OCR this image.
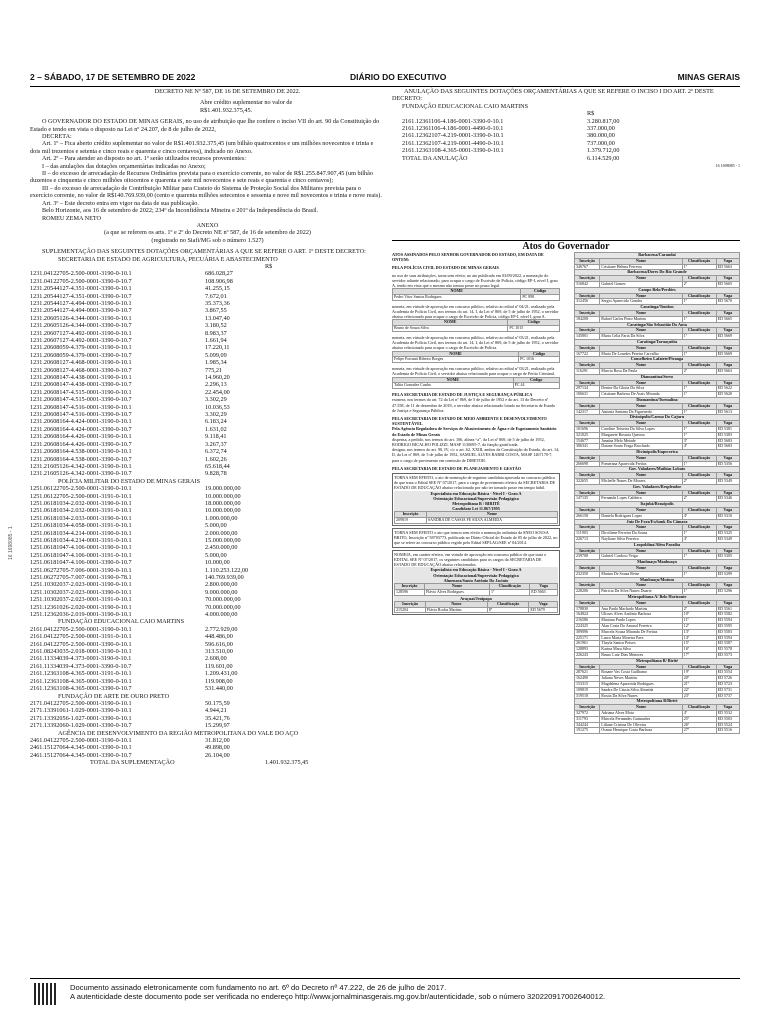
2 – SÁBADO, 17 DE SETEMBRO DE 2022	DIÁRIO DO EXECUTIVO	MINAS GERAIS

DECRETO NE Nº 587, DE 16 DE SETEMBRO DE 2022.

Abre crédito suplementar no valor de R$1.401.932.375,45.

O GOVERNADOR DO ESTADO DE MINAS GERAIS, no uso de atribuição que lhe confere o inciso VII do art. 90 da Constituição do Estado e tendo em vista o disposto na Lei nº 24.207, de 8 de julho de 2022,

DECRETA:

Art. 1º – Fica aberto crédito suplementar no valor de R$1.401.932.375,45 (um bilhão quatrocentos e um milhões novecentos e trinta e dois mil trezentos e setenta e cinco reais e quarenta e cinco centavos), indicado no Anexo.

Art. 2º – Para atender ao disposto no art. 1º serão utilizados recursos provenientes:

I – das anulações das dotações orçamentárias indicadas no Anexo;

II – do excesso de arrecadação de Recursos Ordinários prevista para o exercício corrente, no valor de R$1.255.847.907,45 (um bilhão duzentos e cinquenta e cinco milhões oitocentos e quarenta e sete mil novecentos e sete reais e quarenta e cinco centavos);

III – do excesso de arrecadação de Contribuição Militar para Custeio do Sistema de Proteção Social dos Militares prevista para o exercício corrente, no valor de R$140.769.939,00 (cento e quarenta milhões setecentos e sessenta e nove mil novecentos e trinta e nove reais).

Art. 3º – Este decreto entra em vigor na data de sua publicação.

Belo Horizonte, aos 16 de setembro de 2022; 234º da Inconfidência Mineira e 201º da Independência do Brasil.

ROMEU ZEMA NETO

ANEXO

(a que se referem os arts. 1º e 2º do Decreto NE nº 587, de 16 de setembro de 2022)

(registrado no Siafi/MG sob o número 1.527)

SUPLEMENTAÇÃO DAS SEGUINTES DOTAÇÕES ORÇAMENTÁRIAS A QUE SE REFERE O ART. 1º DESTE DECRETO:

SECRETARIA DE ESTADO DE AGRICULTURA, PECUÁRIA E ABASTECIMENTO

R$

1231.04122705-2.500-0001-3190-0-10.1	686.028,27
1231.04122705-2.500-0001-3390-0-10.7	108.906,98
1231.20544127-4.351-0001-3390-0-10.1	41.255,15
1231.20544127-4.351-0001-3390-0-10.7	7.672,01
1231.20544127-4.494-0001-3190-0-10.1	35.373,36
1231.20544127-4.494-0001-3390-0-10.7	3.867,55
1231.20605126-4.344-0001-3190-0-10.1	13.047,40
1231.20605126-4.344-0001-3390-0-10.7	3.180,52
1231.20607127-4.492-0001-3190-0-10.1	8.983,37
1231.20607127-4.492-0001-3390-0-10.7	1.661,94
1231.20608059-4.379-0001-3190-0-10.1	17.220,11
1231.20608059-4.379-0001-3390-0-10.7	5.099,09
1231.20608127-4.468-0001-3190-0-10.1	1.985,34
1231.20608127-4.468-0001-3390-0-10.7	775,21
1231.20608147-4.438-0001-3190-0-10.1	14.960,20
1231.20608147-4.438-0001-3390-0-10.7	2.296,13
1231.20608147-4.515-0001-3190-0-10.1	22.454,00
1231.20608147-4.515-0001-3390-0-10.7	3.302,29
1231.20608147-4.516-0001-3190-0-10.1	10.036,53
1231.20608147-4.516-0001-3390-0-10.7	3.302,29
1231.20608164-4.424-0001-3190-0-10.1	6.183,24
1231.20608164-4.424-0001-3390-0-10.7	1.631,02
1231.20608164-4.426-0001-3190-0-10.1	9.118,41
1231.20608164-4.426-0001-3390-0-10.7	3.267,37
1231.20608164-4.538-0001-3190-0-10.1	6.372,74
1231.20608164-4.538-0001-3390-0-10.7	1.602,26
1231.21605126-4.342-0001-3190-0-10.1	65.618,44
1231.21605126-4.342-0001-3390-0-10.7	9.828,78

POLÍCIA MILITAR DO ESTADO DE MINAS GERAIS

1251.06122705-2.500-0001-3190-0-10.1	19.000.000,00
1251.06122705-2.500-0001-3191-0-10.1	10.000.000,00
1251.06181034-2.032-0001-3190-0-10.1	18.000.000,00
1251.06181034-2.032-0001-3191-0-10.1	10.000.000,00
1251.06181034-2.033-0001-3190-0-10.1	1.000.000,00
1251.06181034-4.058-0001-3191-0-10.1	5.000,00
1251.06181034-4.214-0001-3190-0-10.1	2.000.000,00
1251.06181034-4.214-0001-3191-0-10.1	15.000.000,00
1251.06181047-4.106-0001-3190-0-10.1	2.450.000,00
1251.06181047-4.106-0001-3191-0-10.1	5.000,00
1251.06181047-4.106-0001-3390-0-10.7	10.000,00
1251.06272705-7.006-0001-3190-0-10.1	1.110.253.122,00
1251.06272705-7.007-0001-3190-0-78.1	140.769.939,00
1251.10302037-2.023-0001-3190-0-10.1	2.800.000,00
1251.10302037-2.023-0001-3390-0-10.1	9.000.000,00
1251.10302037-2.023-0001-3191-0-10.1	70.000.000,00
1251.12361026-2.020-0001-3190-0-10.1	70.000.000,00
1251.12362036-2.019-0001-3190-0-10.1	4.000.000,00

FUNDAÇÃO EDUCACIONAL CAIO MARTINS

2161.04122705-2.500-0001-3190-0-10.1	2.772.929,00
2161.04122705-2.500-0001-3191-0-10.1	448.486,00
2161.04122705-2.500-0001-3390-0-10.1	596.616,00
2161.08243035-2.018-0001-3190-0-10.1	313.510,00
2161.11334039-4.373-0001-3190-0-10.1	2.608,00
2161.11334039-4.373-0001-3390-0-10.7	119.601,00
2161.12363108-4.365-0001-3191-0-10.1	1.209.431,00
2161.12363108-4.365-0001-3390-0-10.1	119.908,00
2161.12363108-4.365-0001-3390-0-10.7	531.440,00

FUNDAÇÃO DE ARTE DE OURO PRETO

2171.04122705-2.500-0001-3190-0-10.1	50.175,59
2171.13391061-1.029-0001-3390-0-10.1	4.944,21
2171.13392056-1.027-0001-3390-0-10.1	35.421,76
2171.13392060-1.029-0001-3390-0-10.7	15.299,97

AGÊNCIA DE DESENVOLVIMENTO DA REGIÃO METROPOLITANA DO VALE DO AÇO

2461.04122705-2.500-0001-3190-0-10.1	31.812,00
2461.15127064-4.345-0001-3390-0-10.1	49.898,00
2461.15127064-4.345-0001-3390-0-10.7	26.104,00
TOTAL DA SUPLEMENTAÇÃO	1.401.932.375,45

ANULAÇÃO DAS SEGUINTES DOTAÇÕES ORÇAMENTÁRIAS A QUE SE REFERE O INCISO I DO ART. 2º DESTE DECRETO:

FUNDAÇÃO EDUCACIONAL CAIO MARTINS

R$

2161.12361106-4.186-0001-3390-0-10.1	3.280.817,00
2161.12361106-4.186-0001-4490-0-10.1	337.000,00
2161.12362107-4.219-0001-3390-0-10.1	380.000,00
2161.12362107-4.219-0001-4490-0-10.1	737.000,00
2161.12363108-4.365-0001-3390-0-10.1	1.379.712,00
TOTAL DA ANULAÇÃO	6.114.529,00

16 1698085 - 1

Atos do Governador

ATOS ASSINADOS PELO SENHOR GOVERNADOR DO ESTADO, EM DATA DE ONTEM:

PELA POLÍCIA CIVIL DO ESTADO DE MINAS GERAIS

no uso de suas atribuições, torna sem efeito, no ato publicado em 03/09/2022, a nomeação do servidor adiante relacionado, para ocupar o cargo de Escrivão de Polícia, código EP-I, nível I, grau A, tendo em vista que o mesmo não tomou posse no prazo legal.

NOME	Código
Pedro Vitor Santos Rodrigues	PC 898

nomeia, em virtude de aprovação em concurso público, relativo ao edital nº 04/21, realizado pela Academia de Polícia Civil, nos termos do art. 14, I, da Lei nº 869, de 5 de julho de 1952, o servidor abaixo relacionado para ocupar o cargo de Escrivão de Polícia, código EP-I, nível I, grau A.

NOME	Código
Bruno de Souza Silva	PC 1015

nomeia, em virtude de aprovação em concurso público, relativo ao edital nº 03/21, realizado pela Academia de Polícia Civil, nos termos do art. 14, I, da Lei nº 869, de 5 de julho de 1952, o servidor abaixo relacionado para ocupar o cargo de Escrivão de Polícia.

NOME	Código
Felipe Fortunti Ribeiro Borges	PC 1016

nomeia, em virtude de aprovação em concurso público, relativo ao edital nº 03/21, realizado pela Academia de Polícia Civil, o servidor abaixo relacionado para ocupar o cargo de Perito Criminal.

NOME	Código
Talita Gonzalez Cunha	PC 44

PELA SECRETARIA DE ESTADO DE JUSTIÇA E SEGURANÇA PÚBLICA

exonera, nos termos do art. 72 da Lei nº 869, de 5 de julho de 1952 e do art. 13 do Decreto nº 47.558, de 11 de dezembro de 2018, o servidor abaixo relacionado lotado na Secretaria de Estado de Justiça e Segurança Pública.

PELA SECRETARIA DE ESTADO DE MEIO AMBIENTE E DESENVOLVIMENTO SUSTENTÁVEL

Pela Agência Reguladora de Serviços de Abastecimento de Água e de Esgotamento Sanitário do Estado de Minas Gerais

dispensa, a pedido, nos termos do art. 106, alínea “a”, da Lei nº 869, de 5 de julho de 1952, RODRIGO BICALHO POLIZZI, MASP 1130695-7, da função gratificada.

designa, nos termos do art. 90, IV, c/c o art. 62, XXIII, ambos da Constituição do Estado, do art. 14, II, da Lei nº 869, de 5 de julho de 1952, SAMUEL ALVES BARBI COSTA, MASP 1267170-7, para o cargo de provimento em comissão de DIRETOR.

PELA SECRETARIA DE ESTADO DE PLANEJAMENTO E GESTÃO

TORNA SEM EFEITO, o ato de nomeação de seguinte candidata aprovada no concurso público de que trata o Edital SEE Nº 07/2017, para o cargo de provimento efetivo da SECRETARIA DE ESTADO DE EDUCAÇÃO abaixo relacionado por não ter tomado posse em tempo hábil.

Especialista em Educação Básica - Nível I - Grau A

Orientação Educacional/Supervisão Pedagógica

Metropolitana B / BIRITÉ

Candidato Lei 11.867/1995

Inscrição	Nome
209819	SANDRA DE CASSIA FE SILVA ALMEIDA

TORNA SEM EFEITO o ato que tornou sem efeito a nomeação ordinária da SNEO SOUSA BRITO, Inscrição nº 58703773, publicada no Diário Oficial do Estado de 05 de julho de 2022, no que se refere ao concurso público regido pelo Edital SEPLAG/SEE nº 04/2014.

NOMEIA, em caráter efetivo, em virtude de aprovação em concurso público de que trata o EDITAL SEE Nº 07/2017, os seguintes candidatos para os cargos da SECRETARIA DE ESTADO DE EDUCAÇÃO abaixo relacionados.

Especialista em Educação Básica - Nível I - Grau A

Orientação Educacional/Supervisão Pedagógica

Almenara/Santo Antônio Do Jacinto

Inscrição	Nome	Classificação	Vaga
128596	Flávio Alves Rodrigues	1º	ED 5663

Araçuaí/Jenipapo

Inscrição	Nome	Classificação	Vaga
215204	Flávia Rocha Martins	8º	ED 5679
Barbacena/Carandaí			
Inscrição	Nome	Classificação	Vaga
346767	Cristiane Helena Ferreira	1º	ED 5663
Barbacena/Dores Do Rio Grande			
Inscrição	Nome	Classificação	Vaga
316842	Gabriel Gomes	2º	ED 5665
Campo Belo/Perdões			
Inscrição	Nome	Classificação	Vaga
312456	Sergio Aparecido Gandra	1º	ED 5670
Caratinga/Tombos			
Inscrição	Nome	Classificação	Vaga
184208	Rafael Carlos Pinto Martins	1º	ED 5665
Caratinga/São Sebastião Do Anta			
Inscrição	Nome	Classificação	Vaga
145801	Maria Celia Faria Da Silva	1º	ED 5669
Caratinga/Taruaçuíita			
Inscrição	Nome	Classificação	Vaga
167722	Maria De Lourdes Pereira Carvalho	1º	ED 5669
Conselheiro Lafaiete/Piranga			
Inscrição	Nome	Classificação	Vaga
116291	Marcia Rosa Da Paula	2º	ED 5663
Diamantina/Serro			
Inscrição	Nome	Classificação	Vaga
297134	Denise Da Gloria Da Silva	1º	ED 5622
106631	Cristiane Barbosa De Assis Miranda	1º	ED 5620
Diamantina/Turmalina			
Inscrição	Nome	Classificação	Vaga
142317	Antonia Santana Da Figueiredo	1º	ED 5613
Divinópolis/Carmo Do Cajuru			
Inscrição	Nome	Classificação	Vaga
101696	Caroline Teixeira Da Silva Lopes	1º	ED 5381
321025	Margarete Rosaria Queiroz	1º	ED 5383
154677	Janaína Melo Metade	3º	ED 5683
306341	Daiane Souto Fraga Brochado	4º	ED 5683
Divinópolis/Itapecerica			
Inscrição	Nome	Classificação	Vaga
266698	Pomerana Aparecida Freitas	1º	ED 5356
Gov. Valadares/Mathias Lobato			
Inscrição	Nome	Classificação	Vaga
322655	Michelle Nunes De Moraes	2º	ED 5349
Gov. Valadares/Resplendor			
Inscrição	Nome	Classificação	Vaga
147135	Fernanda Lopes Caldeira	2º	ED 5346
Itajubá/Brasópolis			
Inscrição	Nome	Classificação	Vaga
266158	Daniela Rodrigues Lopes	4º	ED 5310
Juiz De Fora/Ewbank Da Câmara			
Inscrição	Nome	Classificação	Vaga
111903	Dirciliene Ferreira Da Sousa	1º	ED 5325
226713	Nayliane Silva Ferreira	4º	ED 5349
Leopoldina/Além Paraíba			
Inscrição	Nome	Classificação	Vaga
239708	Gabriel Cardoso Veiga	1º	ED 5305
Manhuaçu/Manhuaçu			
Inscrição	Nome	Classificação	Vaga
232350	Marina De Souza Reise	1º	ED 5299
Manhuaçu/Mutum			
Inscrição	Nome	Classificação	Vaga
228206	Patricia Da Silva Nunes Duarte	1º	ED 5296
Metropolitana A/ Belo Horizonte			
Inscrição	Nome	Classificação	Vaga
178830	Ana Paula Machado Martins	2º	ED 5561
164824	Ulisses Alves Antônio Barbosa	10º	ED 5582
216586	Mariana Prado Lopes	11º	ED 5594
224325	Alan Costa Do Amaral Ferreira	12º	ED 5595
309096	Marcela Souza Miranda De Freitas	13º	ED 5583
225171	Laura Maria Moreira Paes	14º	ED 5594
261961	Thayla Santos Peixes	15º	ED 5587
128893	Karina Mara Silva	16º	ED 5578
226243	Bruno Luiz Dias Menezes	17º	ED 5573
Metropolitana B/ Birité			
Inscrição	Nome	Classificação	Vaga
287621	Rosane Vas Costa Guilhamo	19º	ED 5554
162490	Juliana Neves Martins	20º	ED 5726
153315	Magdalena Aparecida Rodrigues	21º	ED 5723
109819	Sandra De Cássia Silva Almeida	22º	ED 5731
319518	Rosita Da Silva Nunes	23º	ED 5737
Metropolitana B/Birité			
Inscrição	Nome	Classificação	Vaga
327972	Adriana Alves Mota	4º	ED 5532
311793	Marcela Fernandes Guimarães	25º	ED 5503
344244	Liliane Cristina De Oliveira	26º	ED 5524
191275	Osmar Henrique Costa Barbosa	27º	ED 5516
16 1698085 - 1

Documento assinado eletronicamente com fundamento no art. 6º do Decreto nº 47.222, de 26 de julho de 2017.

A autenticidade deste documento pode ser verificada no endereço http://www.jornalminasgerais.mg.gov.br/autenticidade, sob o número 32022091700264001​2.
